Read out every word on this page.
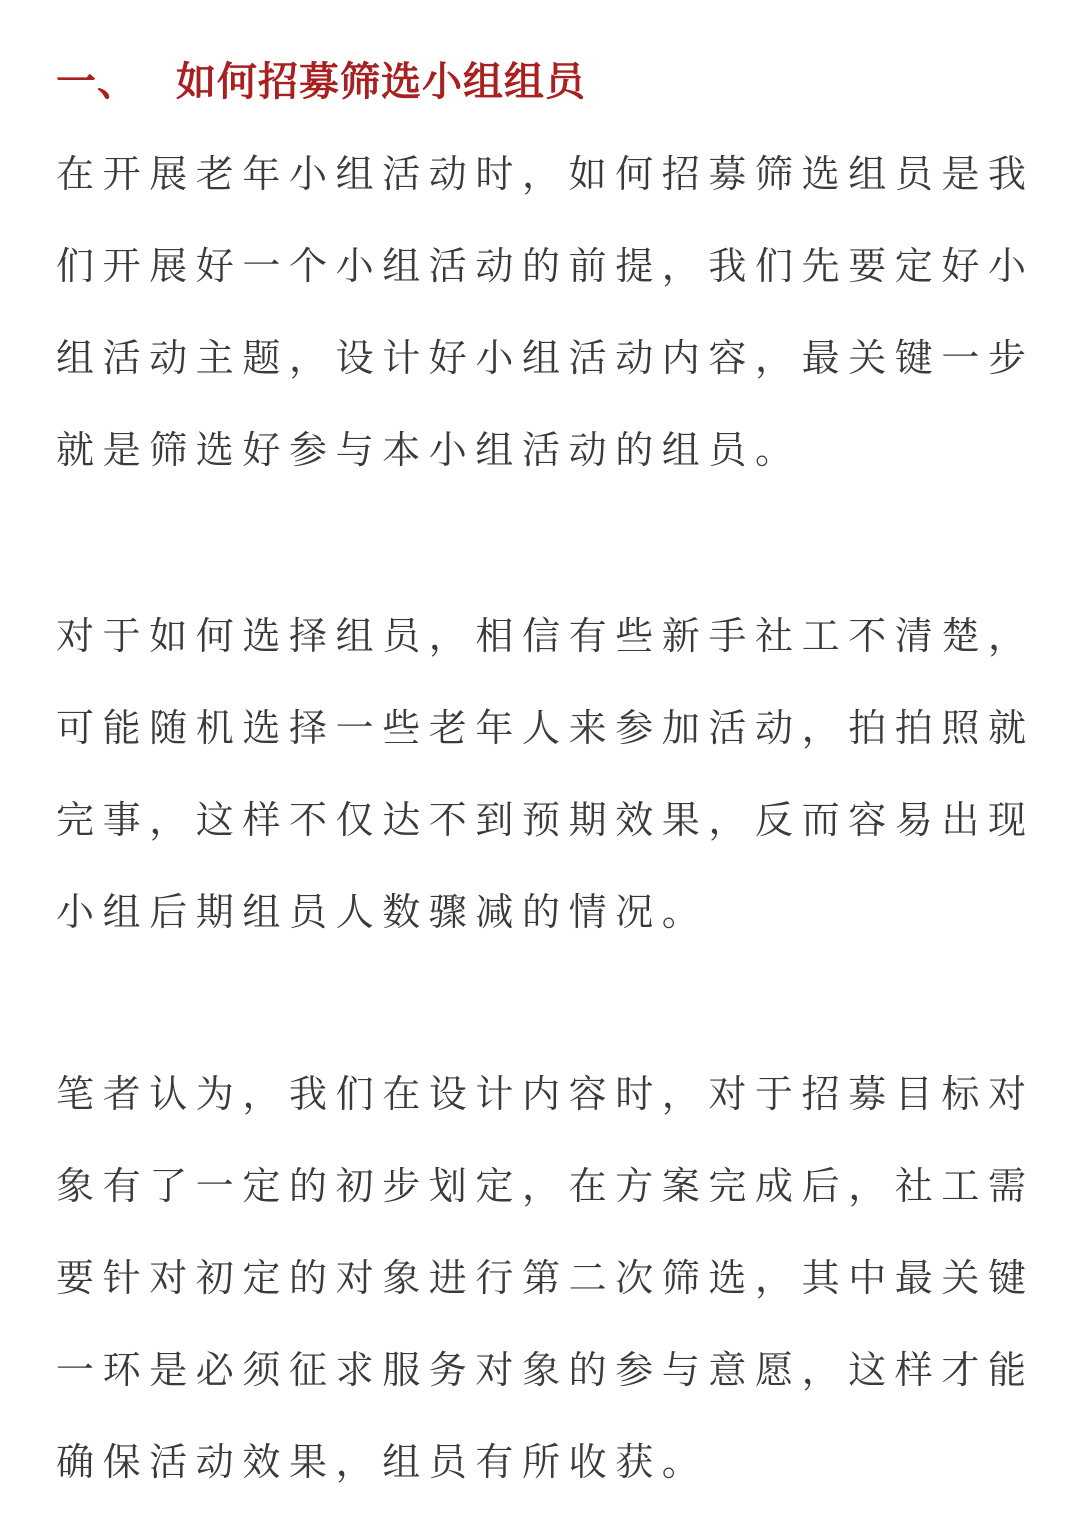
一、 如何招募筛选小组组员

在开展老年小组活动时，如何招募筛选组员是我
们开展好一个小组活动的前提，我们先要定好小
组活动主题，设计好小组活动内容，最关键一步
就是筛选好参与本小组活动的组员。

对于如何选择组员，相信有些新手社工不清楚，
可能随机选择一些老年人来参加活动，拍拍照就
完事，这样不仅达不到预期效果，反而容易出现
小组后期组员人数骤减的情况。

笔者认为，我们在设计内容时，对于招募目标对
象有了一定的初步划定，在方案完成后，社工需
要针对初定的对象进行第二次筛选，其中最关键
一环是必须征求服务对象的参与意愿，这样才能
确保活动效果，组员有所收获。
